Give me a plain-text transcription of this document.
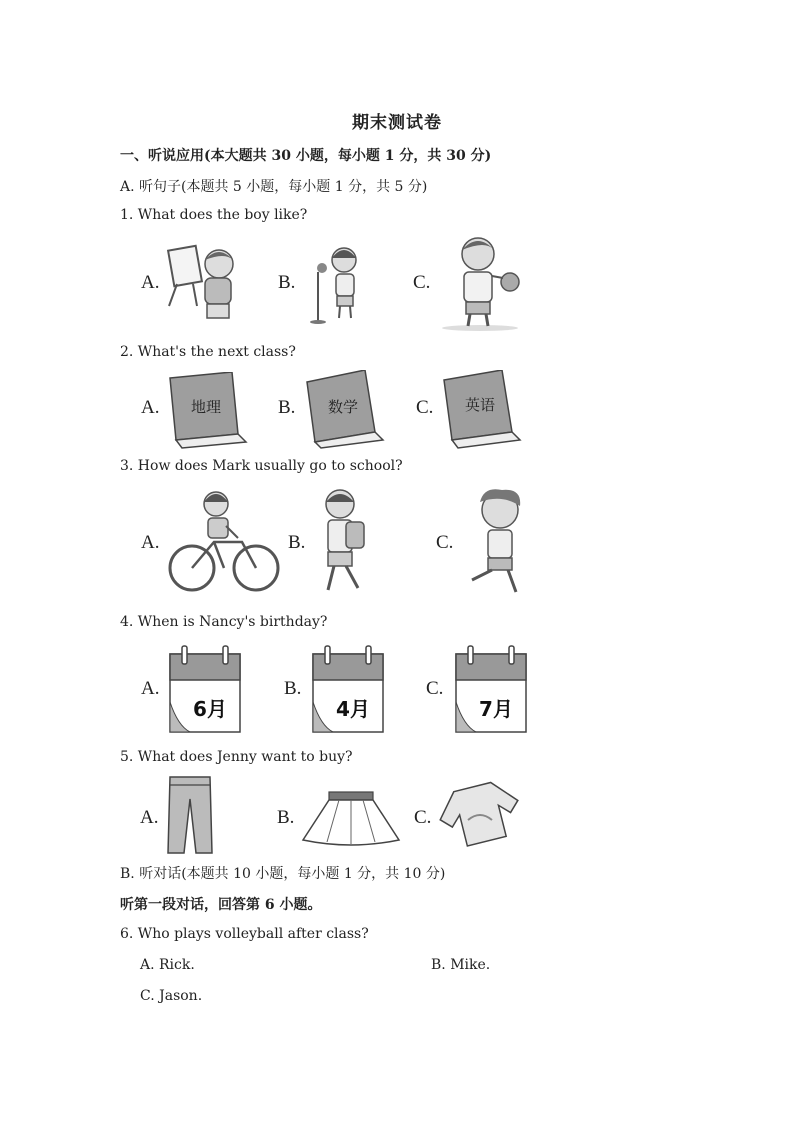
期末测试卷
一、听说应用(本大题共 30 小题，每小题 1 分，共 30 分)
A. 听句子(本题共 5 小题，每小题 1 分，共 5 分)
1. What does the boy like?
A.	B.	C.
2. What's the next class?
A.	B.	C.
地理	数学	英语
3. How does Mark usually go to school?
A.	B.	C.
4. When is Nancy's birthday?
A.	B.	C.
6月	4月	7月
5. What does Jenny want to buy?
A.	B.	C.
B. 听对话(本题共 10 小题，每小题 1 分，共 10 分)
听第一段对话，回答第 6 小题。
6. Who plays volleyball after class?
A. Rick.	B. Mike.
C. Jason.
